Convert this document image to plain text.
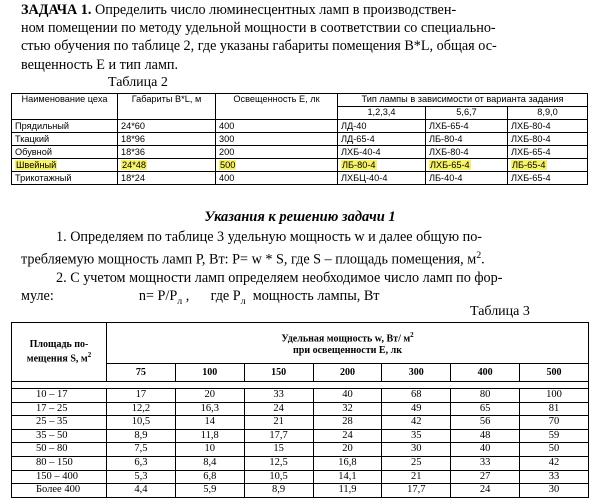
ЗАДАЧА 1. Определить число люминесцентных ламп в производствен-
ном помещении по методу удельной мощности в соответствии со специально-
стью обучения по таблице 2, где указаны габариты помещения В*L, общая ос-
вещенность Е и тип ламп.
Таблица 2
Наименование цеха	Габариты В*L, м	Освещенность Е, лк	Тип лампы в зависимости от варианта задания		
			1,2,3,4	5,6,7	8,9,0
Прядильный	24*60	400	ЛД-40	ЛХБ-65-4	ЛХБ-80-4
Ткацкий	18*96	300	ЛД-65-4	ЛБ-80-4	ЛХБ-80-4
Обувной	18*36	200	ЛХБ-40-4	ЛХБ-80-4	ЛХБ-65-4
Швейный	24*48	500	ЛБ-80-4	ЛХБ-65-4	ЛБ-65-4
Трикотажный	18*24	400	ЛХБЦ-40-4	ЛБ-40-4	ЛХБ-65-4
Указания к решению задачи 1
1. Определяем по таблице 3 удельную мощность w и далее общую по-
требляемую мощность ламп Р, Вт: Р= w * S, где S – площадь помещения, $м^2$.
2. С учетом мощности ламп определяем необходимое число ламп по фор-
муле:                        $n= Р/Р_л$ ,      где $Р_л$  мощность лампы, Вт
Таблица 3
Площадь по-
мещения S, $м^2$	Удельная мощность w, Вт/ $м^2$
при освещенности Е, лк						
	75	100	150	200	300	400	500

10 – 17	17	20	33	40	68	80	100
17 – 25	12,2	16,3	24	32	49	65	81
25 – 35	10,5	14	21	28	42	56	70
35 – 50	8,9	11,8	17,7	24	35	48	59
50 – 80	7,5	10	15	20	30	40	50
80 – 150	6,3	8,4	12,5	16,8	25	33	42
150 – 400	5,3	6,8	10,5	14,1	21	27	33
Более 400	4,4	5,9	8,9	11,9	17,7	24	30
